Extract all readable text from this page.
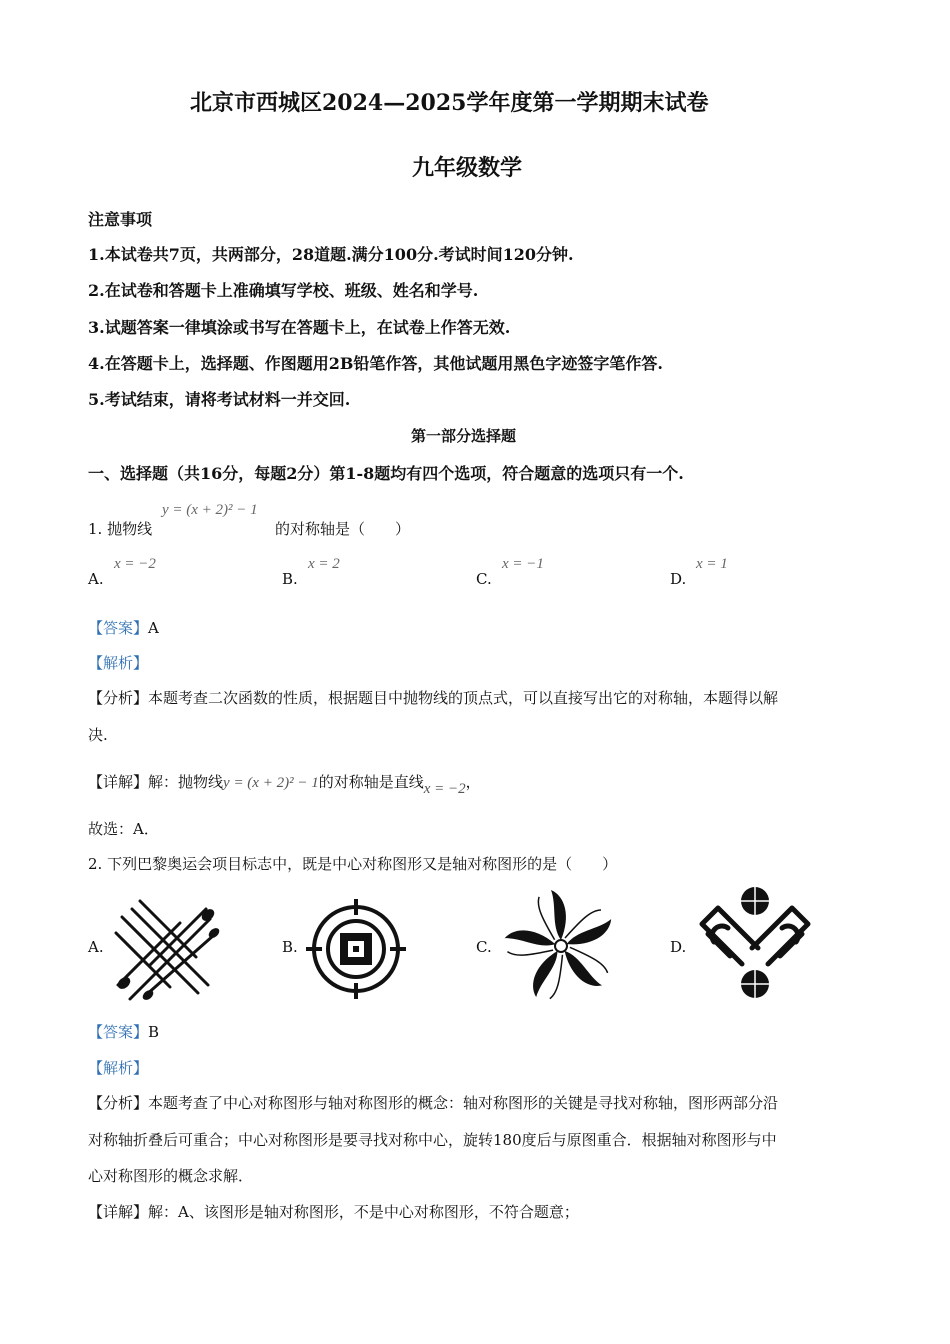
北京市西城区2024—2025学年度第一学期期末试卷
九年级数学
注意事项
1.本试卷共7页，共两部分，28道题.满分100分.考试时间120分钟.
2.在试卷和答题卡上准确填写学校、班级、姓名和学号.
3.试题答案一律填涂或书写在答题卡上，在试卷上作答无效.
4.在答题卡上，选择题、作图题用2B铅笔作答，其他试题用黑色字迹签字笔作答.
5.考试结束，请将考试材料一并交回.
第一部分选择题
一、选择题（共16分，每题2分）第1-8题均有四个选项，符合题意的选项只有一个.
1. 抛物线
y = (x + 2)² − 1
的对称轴是（　　）
A.
x = −2
B.
x = 2
C.
x = −1
D.
x = 1
【答案】A
【解析】
【分析】本题考查二次函数的性质，根据题目中抛物线的顶点式，可以直接写出它的对称轴，本题得以解
决.
【详解】解：抛物线y = (x + 2)² − 1的对称轴是直线x = −2，
故选：A．
2. 下列巴黎奥运会项目标志中，既是中心对称图形又是轴对称图形的是（　　）
A.	B.	C.	D.
【答案】B
【解析】
【分析】本题考查了中心对称图形与轴对称图形的概念：轴对称图形的关键是寻找对称轴，图形两部分沿
对称轴折叠后可重合；中心对称图形是要寻找对称中心，旋转180度后与原图重合．根据轴对称图形与中
心对称图形的概念求解．
【详解】解：A、该图形是轴对称图形，不是中心对称图形，不符合题意；
